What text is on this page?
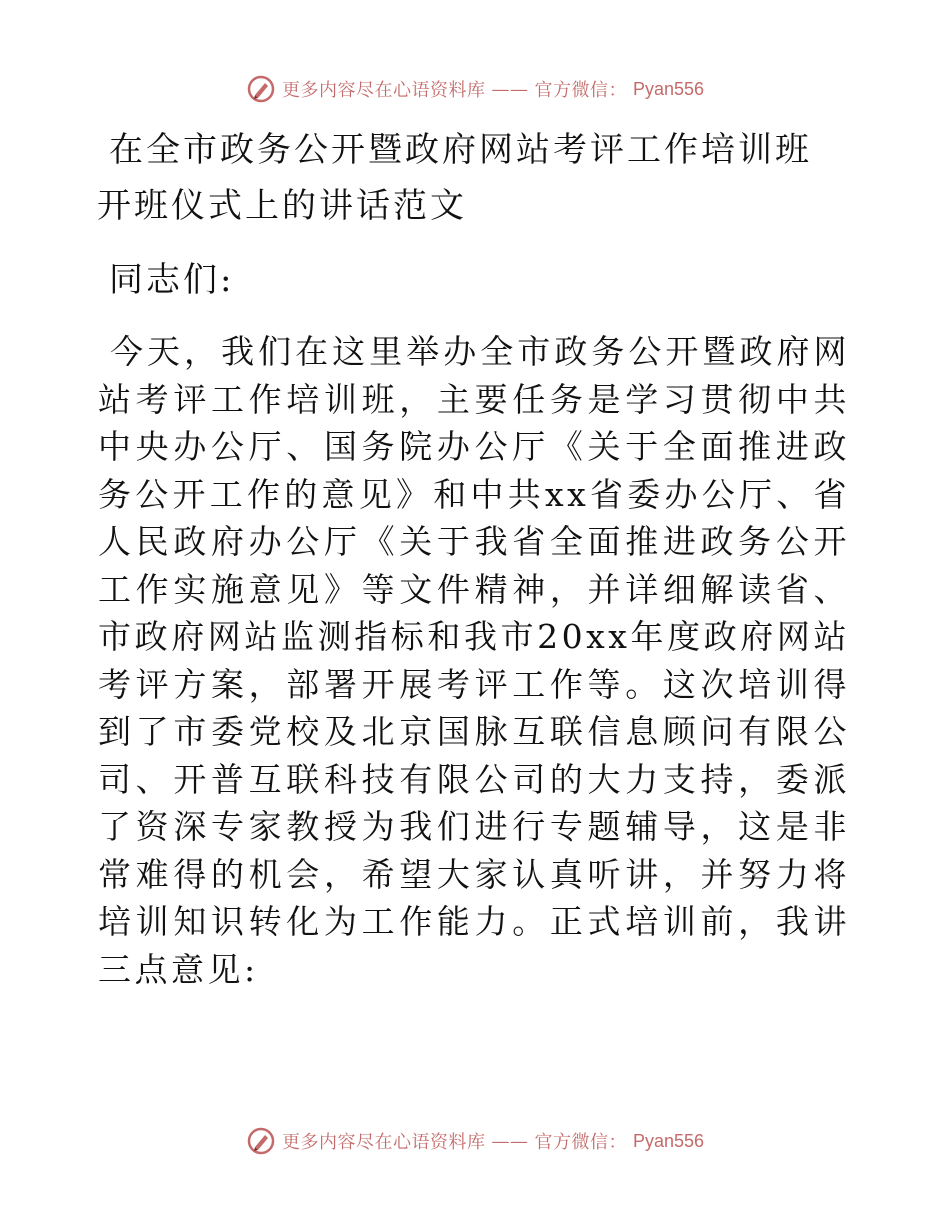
更多内容尽在心语资料库 —— 官方微信： Pyan556
在全市政务公开暨政府网站考评工作培训班开班仪式上的讲话范文

同志们:

今天，我们在这里举办全市政务公开暨政府网站考评工作培训班，主要任务是学习贯彻中共中央办公厅、国务院办公厅《关于全面推进政务公开工作的意见》和中共xx省委办公厅、省人民政府办公厅《关于我省全面推进政务公开工作实施意见》等文件精神，并详细解读省、市政府网站监测指标和我市20xx年度政府网站考评方案，部署开展考评工作等。这次培训得到了市委党校及北京国脉互联信息顾问有限公司、开普互联科技有限公司的大力支持，委派了资深专家教授为我们进行专题辅导，这是非常难得的机会，希望大家认真听讲，并努力将培训知识转化为工作能力。正式培训前，我讲三点意见:

更多内容尽在心语资料库 —— 官方微信： Pyan556
